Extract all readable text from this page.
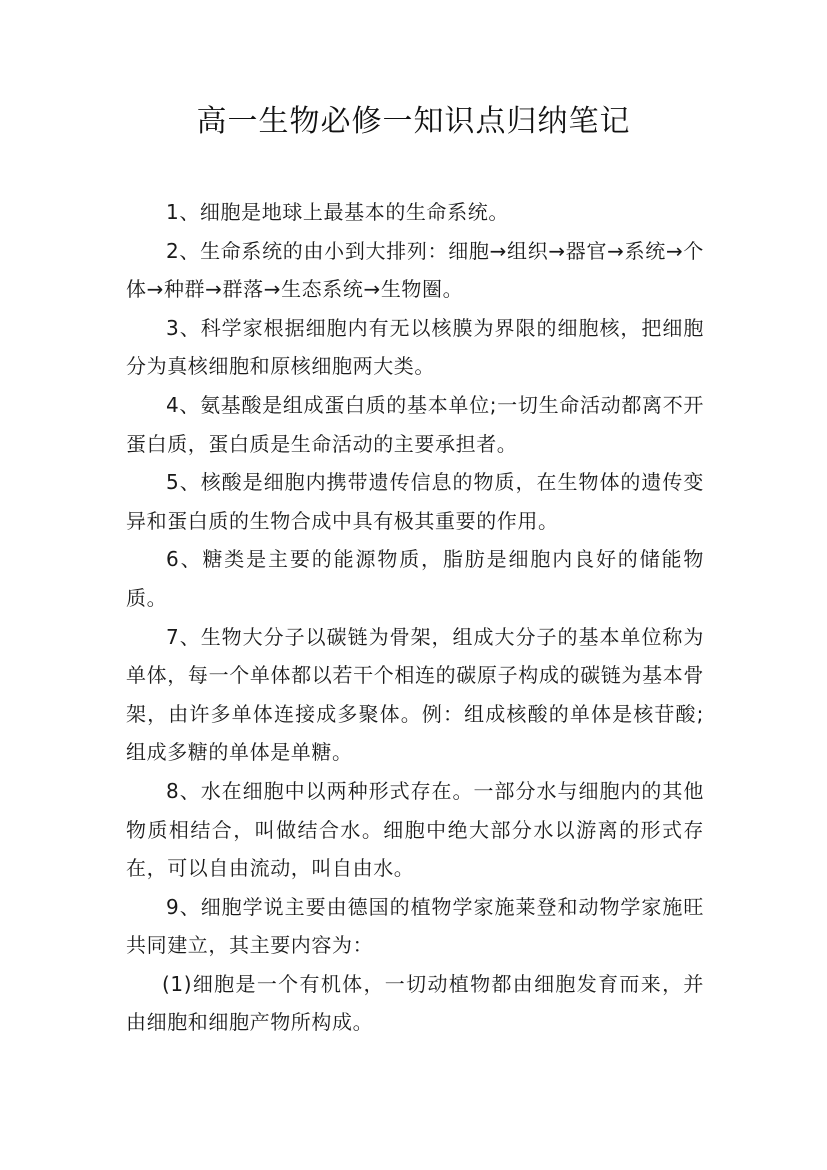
高一生物必修一知识点归纳笔记

1、细胞是地球上最基本的生命系统。

2、生命系统的由小到大排列：细胞→组织→器官→系统→个体→种群→群落→生态系统→生物圈。

3、科学家根据细胞内有无以核膜为界限的细胞核，把细胞分为真核细胞和原核细胞两大类。

4、氨基酸是组成蛋白质的基本单位;一切生命活动都离不开蛋白质，蛋白质是生命活动的主要承担者。

5、核酸是细胞内携带遗传信息的物质，在生物体的遗传变异和蛋白质的生物合成中具有极其重要的作用。

6、糖类是主要的能源物质，脂肪是细胞内良好的储能物质。

7、生物大分子以碳链为骨架，组成大分子的基本单位称为单体，每一个单体都以若干个相连的碳原子构成的碳链为基本骨架，由许多单体连接成多聚体。例：组成核酸的单体是核苷酸;组成多糖的单体是单糖。

8、水在细胞中以两种形式存在。一部分水与细胞内的其他物质相结合，叫做结合水。细胞中绝大部分水以游离的形式存在，可以自由流动，叫自由水。

9、细胞学说主要由德国的植物学家施莱登和动物学家施旺共同建立，其主要内容为：

(1)细胞是一个有机体，一切动植物都由细胞发育而来，并由细胞和细胞产物所构成。
